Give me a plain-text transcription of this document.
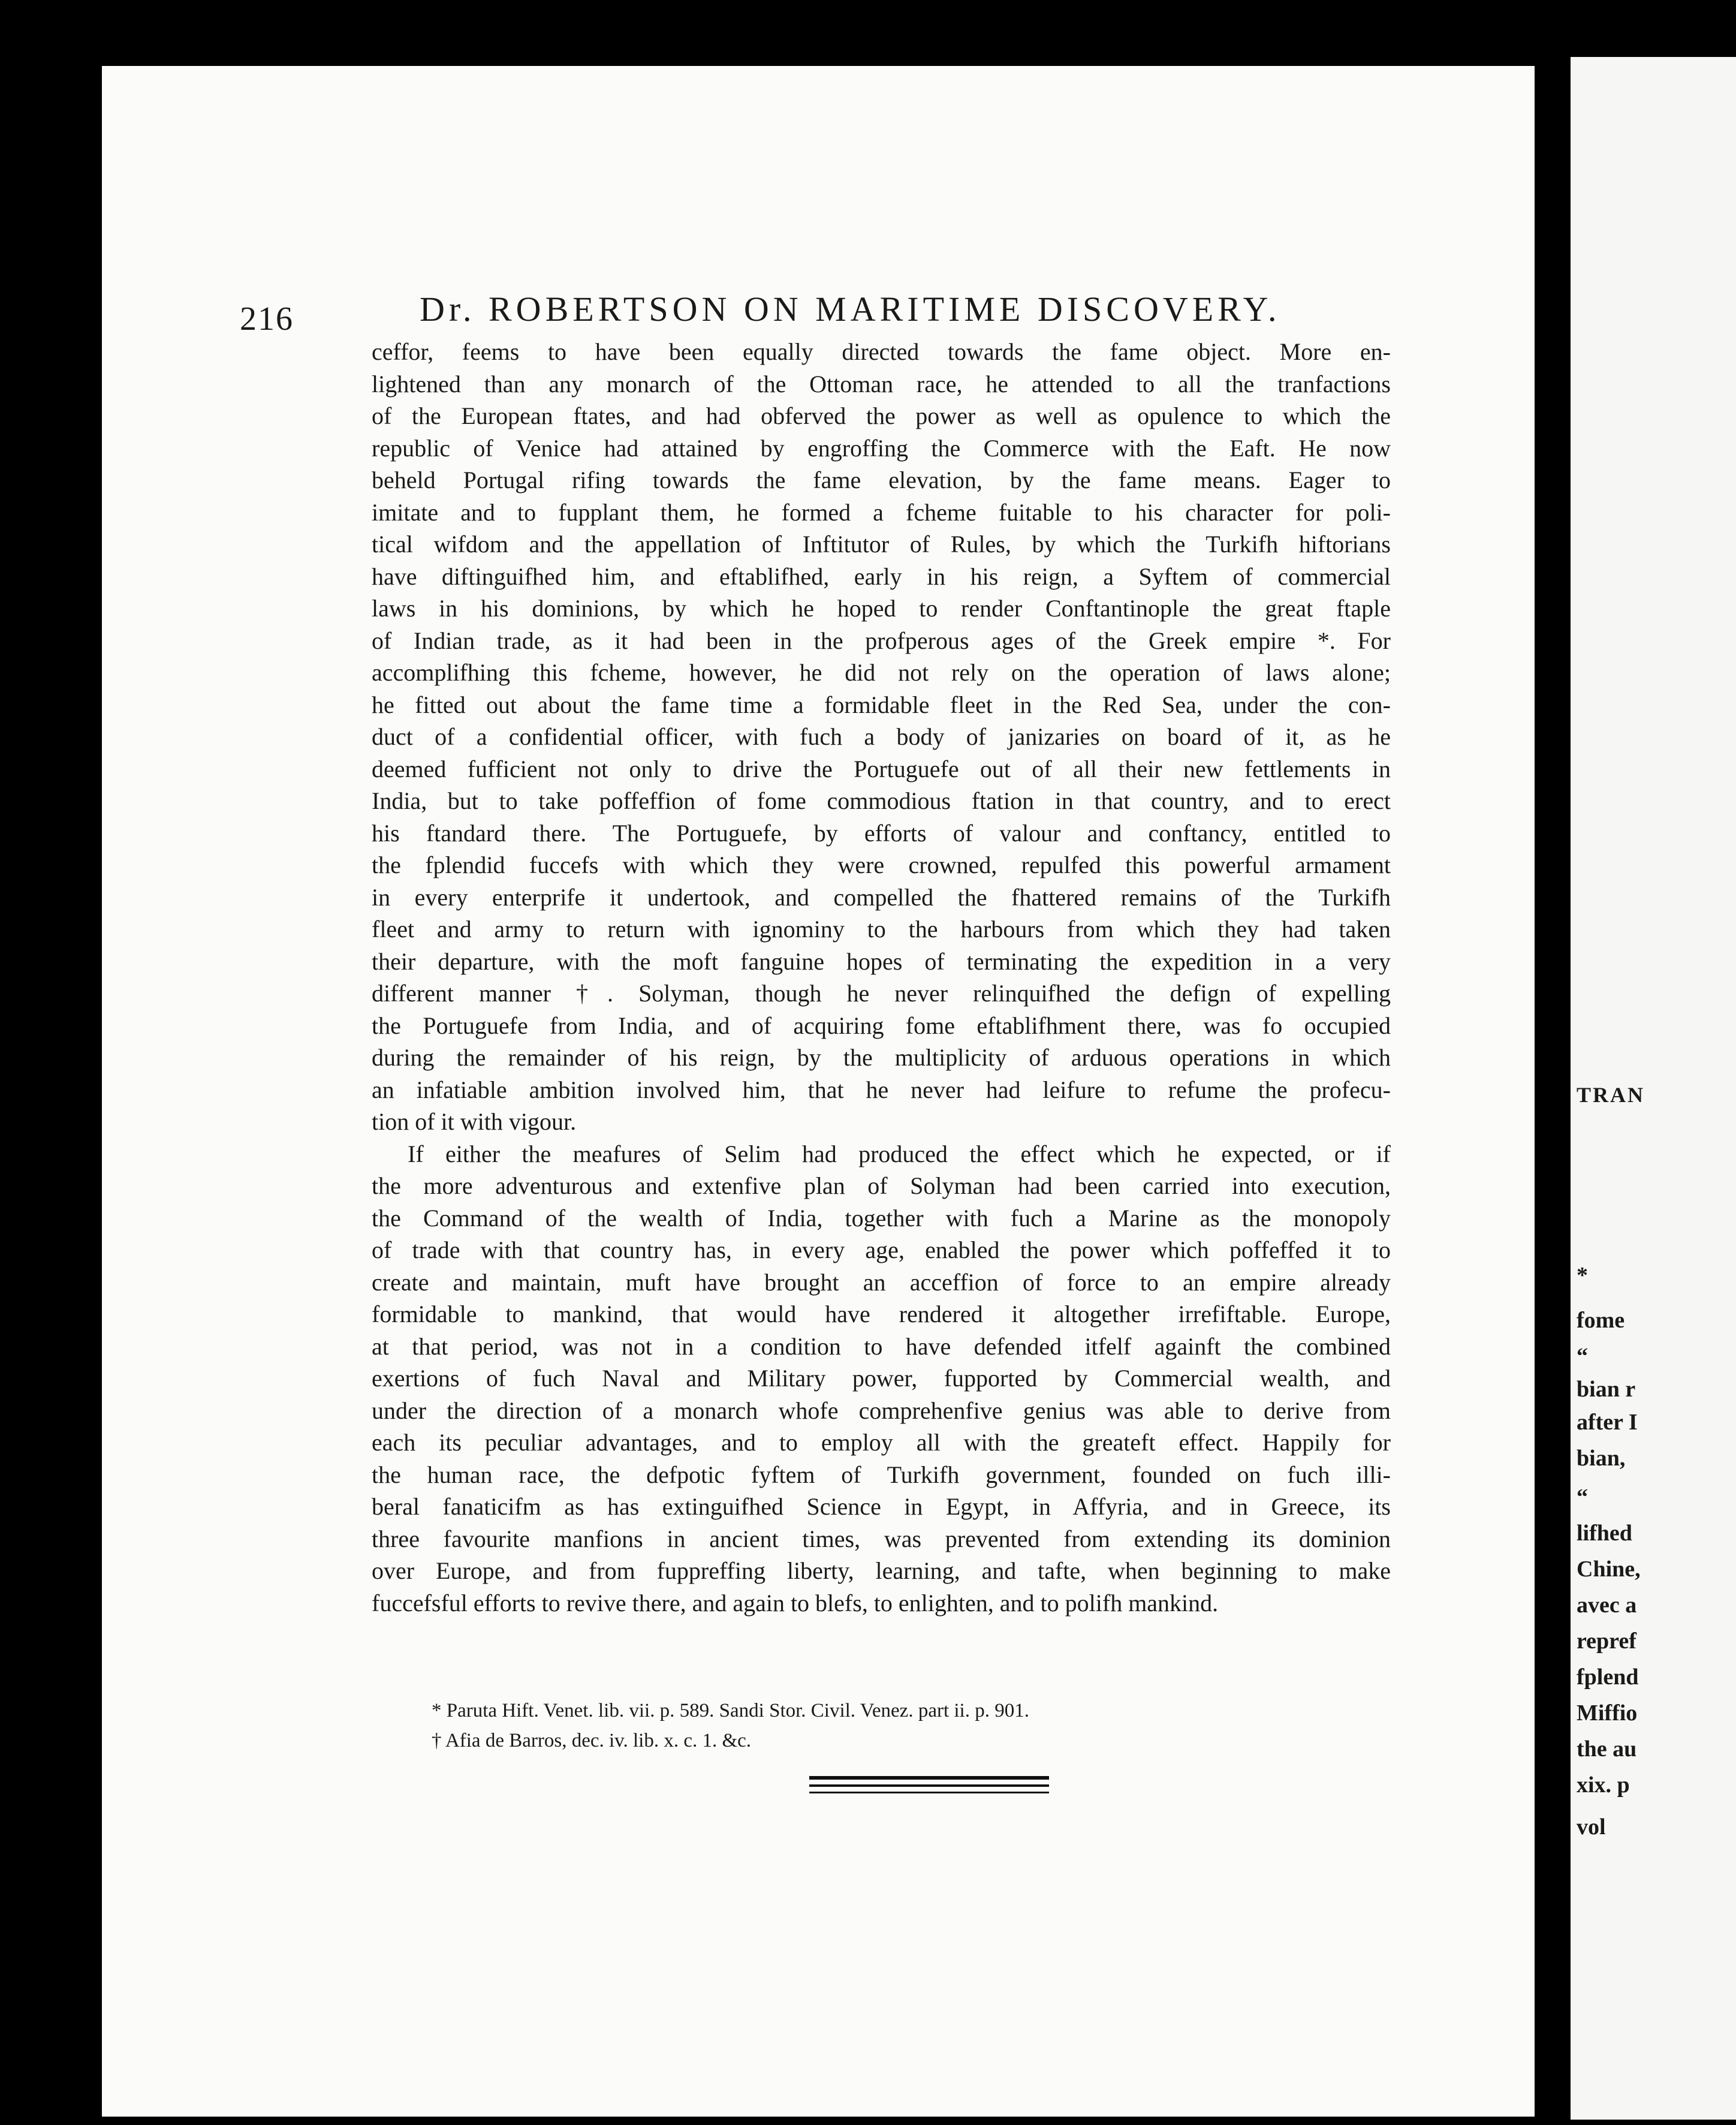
TRAN
*
fome
“
bian r
after I
bian,
“
lifhed
Chine,
avec a
repref
fplend
Miffio
the au
xix. p
vol
216	Dr. ROBERTSON ON MARITIME DISCOVERY.
ceffor, feems to have been equally directed towards the fame object. More en-
lightened than any monarch of the Ottoman race, he attended to all the tranfactions
of the European ftates, and had obferved the power as well as opulence to which the
republic of Venice had attained by engroffing the Commerce with the Eaft. He now
beheld Portugal rifing towards the fame elevation, by the fame means. Eager to
imitate and to fupplant them, he formed a fcheme fuitable to his character for poli-
tical wifdom and the appellation of Inftitutor of Rules, by which the Turkifh hiftorians
have diftinguifhed him, and eftablifhed, early in his reign, a Syftem of commercial
laws in his dominions, by which he hoped to render Conftantinople the great ftaple
of Indian trade, as it had been in the profperous ages of the Greek empire *. For
accomplifhing this fcheme, however, he did not rely on the operation of laws alone;
he fitted out about the fame time a formidable fleet in the Red Sea, under the con-
duct of a confidential officer, with fuch a body of janizaries on board of it, as he
deemed fufficient not only to drive the Portuguefe out of all their new fettlements in
India, but to take poffeffion of fome commodious ftation in that country, and to erect
his ftandard there. The Portuguefe, by efforts of valour and conftancy, entitled to
the fplendid fuccefs with which they were crowned, repulfed this powerful armament
in every enterprife it undertook, and compelled the fhattered remains of the Turkifh
fleet and army to return with ignominy to the harbours from which they had taken
their departure, with the moft fanguine hopes of terminating the expedition in a very
different manner †. Solyman, though he never relinquifhed the defign of expelling
the Portuguefe from India, and of acquiring fome eftablifhment there, was fo occupied
during the remainder of his reign, by the multiplicity of arduous operations in which
an infatiable ambition involved him, that he never had leifure to refume the profecu-
tion of it with vigour.
If either the meafures of Selim had produced the effect which he expected, or if
the more adventurous and extenfive plan of Solyman had been carried into execution,
the Command of the wealth of India, together with fuch a Marine as the monopoly
of trade with that country has, in every age, enabled the power which poffeffed it to
create and maintain, muft have brought an acceffion of force to an empire already
formidable to mankind, that would have rendered it altogether irrefiftable. Europe,
at that period, was not in a condition to have defended itfelf againft the combined
exertions of fuch Naval and Military power, fupported by Commercial wealth, and
under the direction of a monarch whofe comprehenfive genius was able to derive from
each its peculiar advantages, and to employ all with the greateft effect. Happily for
the human race, the defpotic fyftem of Turkifh government, founded on fuch illi-
beral fanaticifm as has extinguifhed Science in Egypt, in Affyria, and in Greece, its
three favourite manfions in ancient times, was prevented from extending its dominion
over Europe, and from fuppreffing liberty, learning, and tafte, when beginning to make
fuccefsful efforts to revive there, and again to blefs, to enlighten, and to polifh mankind.
* Paruta Hift. Venet. lib. vii. p. 589. Sandi Stor. Civil. Venez. part ii. p. 901.
† Afia de Barros, dec. iv. lib. x. c. 1. &c.
